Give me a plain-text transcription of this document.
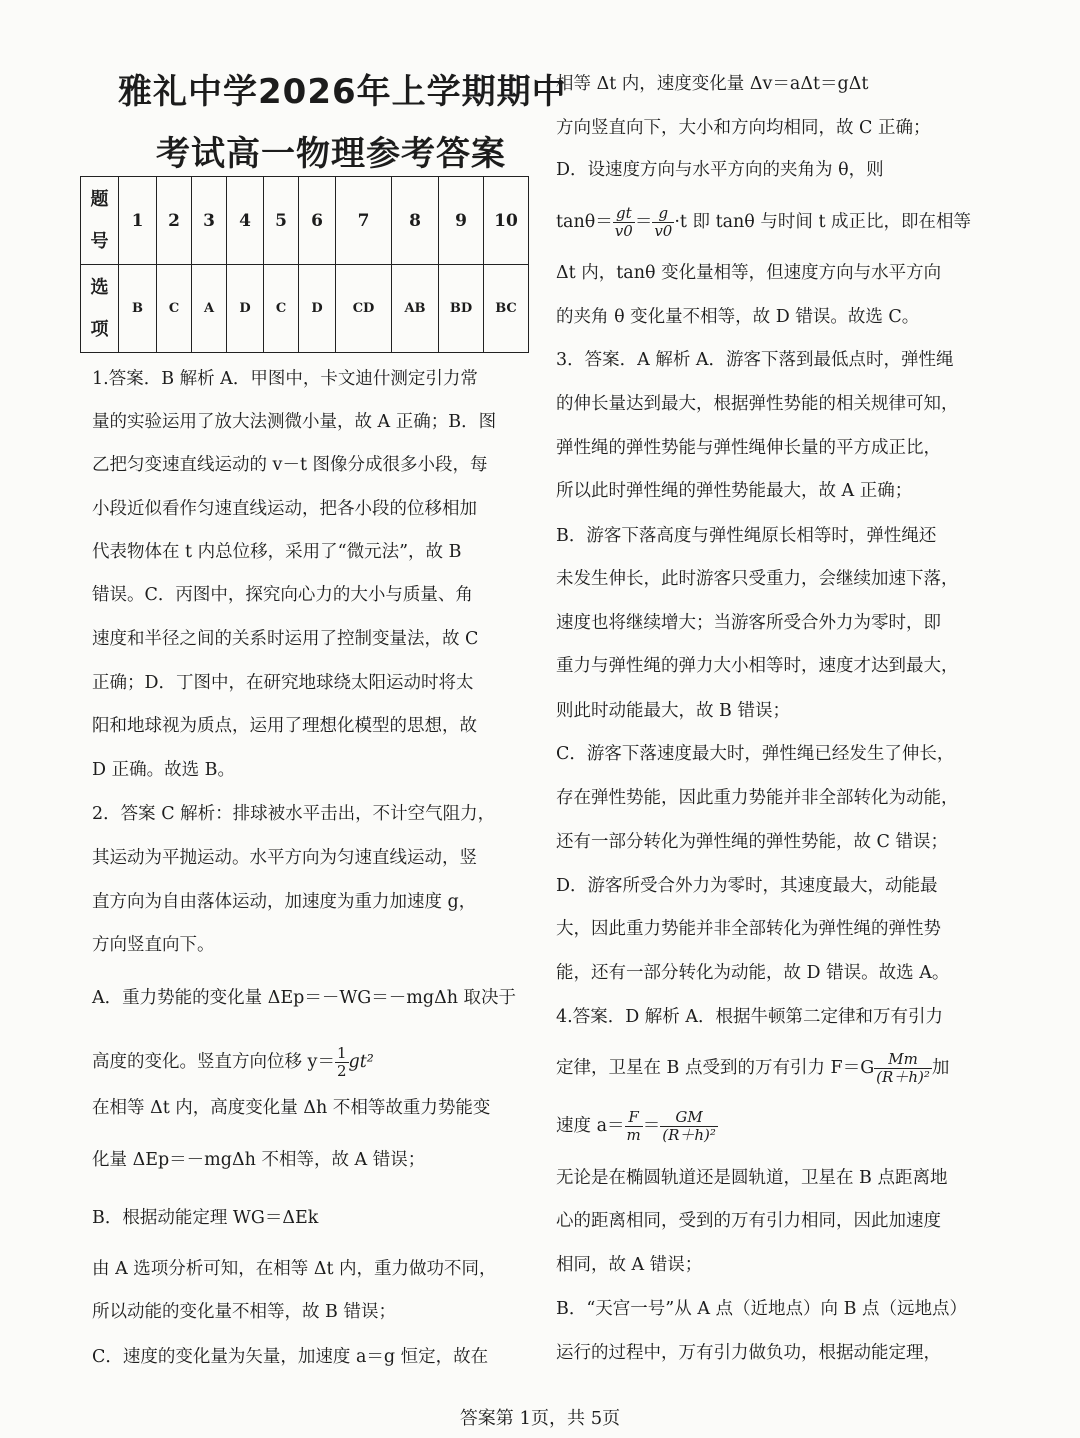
雅礼中学2026年上学期期中
考试高一物理参考答案
题
号	1	2	3	4	5	6	7	8	9	10

选
项	B	C	A	D	C	D	CD	AB	BD	BC
1.答案．B 解析 A．甲图中，卡文迪什测定引力常
量的实验运用了放大法测微小量，故 A 正确；B．图
乙把匀变速直线运动的 v－t 图像分成很多小段，每
小段近似看作匀速直线运动，把各小段的位移相加
代表物体在 t 内总位移，采用了“微元法”，故 B
错误。C．丙图中，探究向心力的大小与质量、角
速度和半径之间的关系时运用了控制变量法，故 C
正确；D．丁图中，在研究地球绕太阳运动时将太
阳和地球视为质点，运用了理想化模型的思想，故
D 正确。故选 B。
2．答案 C 解析：排球被水平击出，不计空气阻力，
其运动为平抛运动。水平方向为匀速直线运动，竖
直方向为自由落体运动，加速度为重力加速度 g，
方向竖直向下。
A．重力势能的变化量 ΔEp＝－WG＝－mgΔh 取决于
高度的变化。竖直方向位移 $y= \frac{1}{2} gt^2$
在相等 Δt 内，高度变化量 Δh 不相等故重力势能变
化量 ΔEp＝－mgΔh 不相等，故 A 错误；
B．根据动能定理 WG＝ΔEk
由 A 选项分析可知，在相等 Δt 内，重力做功不同，
所以动能的变化量不相等，故 B 错误；
C．速度的变化量为矢量，加速度 a＝g 恒定，故在
相等 Δt 内，速度变化量 Δv＝aΔt＝gΔt
方向竖直向下，大小和方向均相同，故 C 正确；
D．设速度方向与水平方向的夹角为 θ，则
$\tan\theta= \frac{gt}{v0} = \frac{g}{v0} \cdot t$ 即 tanθ 与时间 t 成正比，即在相等
Δt 内，tanθ 变化量相等，但速度方向与水平方向
的夹角 θ 变化量不相等，故 D 错误。故选 C。
3．答案．A 解析 A．游客下落到最低点时，弹性绳
的伸长量达到最大，根据弹性势能的相关规律可知，
弹性绳的弹性势能与弹性绳伸长量的平方成正比，
所以此时弹性绳的弹性势能最大，故 A 正确；
B．游客下落高度与弹性绳原长相等时，弹性绳还
未发生伸长，此时游客只受重力，会继续加速下落，
速度也将继续增大；当游客所受合外力为零时，即
重力与弹性绳的弹力大小相等时，速度才达到最大，
则此时动能最大，故 B 错误；
C．游客下落速度最大时，弹性绳已经发生了伸长，
存在弹性势能，因此重力势能并非全部转化为动能，
还有一部分转化为弹性绳的弹性势能，故 C 错误；
D．游客所受合外力为零时，其速度最大，动能最
大，因此重力势能并非全部转化为弹性绳的弹性势
能，还有一部分转化为动能，故 D 错误。故选 A。
4.答案．D 解析 A．根据牛顿第二定律和万有引力
定律，卫星在 B 点受到的万有引力 $F=G \frac{Mm}{\text{(R＋h)²}}$ 加
速度 $a= \frac{F}{m} = \frac{GM}{\text{(R＋h)²}}$
无论是在椭圆轨道还是圆轨道，卫星在 B 点距离地
心的距离相同，受到的万有引力相同，因此加速度
相同，故 A 错误；
B．“天宫一号”从 A 点（近地点）向 B 点（远地点）
运行的过程中，万有引力做负功，根据动能定理，
答案第 1页，共 5页
